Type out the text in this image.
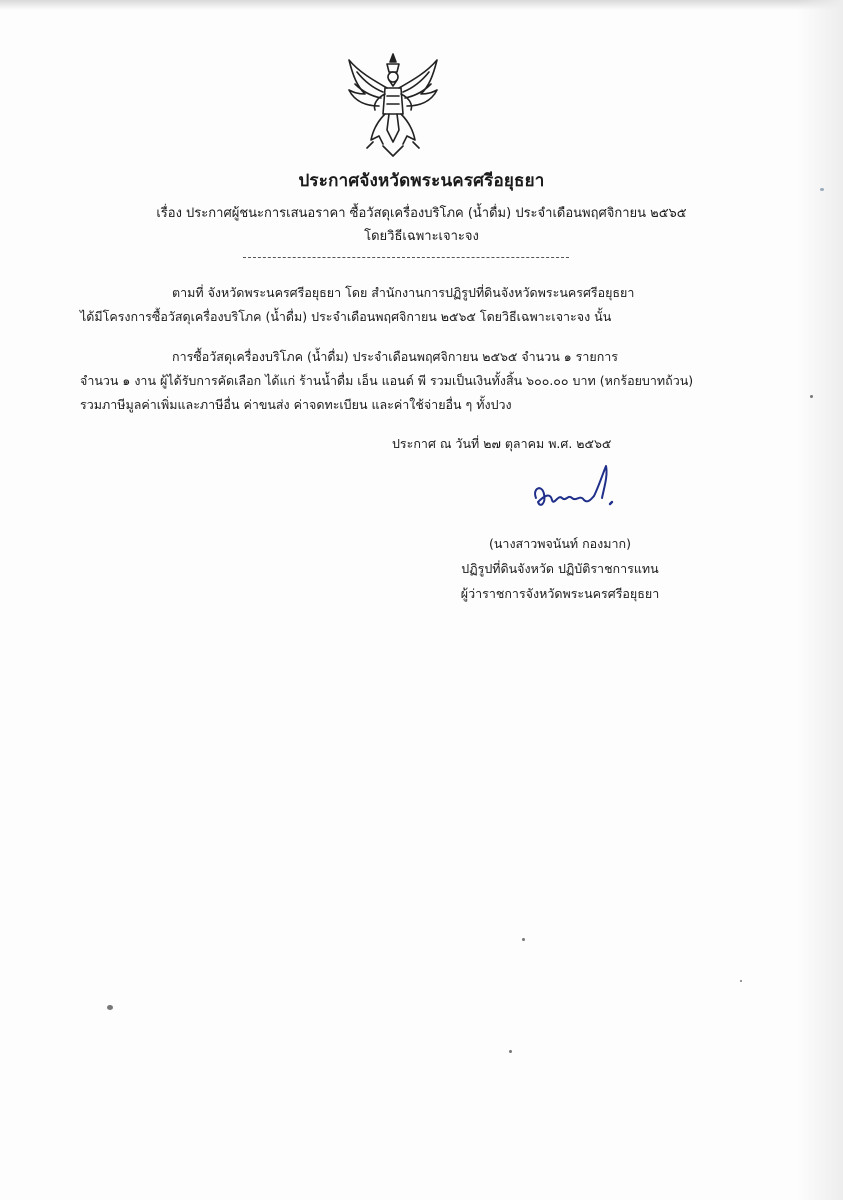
ประกาศจังหวัดพระนครศรีอยุธยา
เรื่อง ประกาศผู้ชนะการเสนอราคา ซื้อวัสดุเครื่องบริโภค (น้ำดื่ม) ประจำเดือนพฤศจิกายน ๒๕๖๕
โดยวิธีเฉพาะเจาะจง
ตามที่ จังหวัดพระนครศรีอยุธยา โดย สำนักงานการปฏิรูปที่ดินจังหวัดพระนครศรีอยุธยา
ได้มีโครงการซื้อวัสดุเครื่องบริโภค (น้ำดื่ม) ประจำเดือนพฤศจิกายน ๒๕๖๕ โดยวิธีเฉพาะเจาะจง นั้น
การซื้อวัสดุเครื่องบริโภค (น้ำดื่ม) ประจำเดือนพฤศจิกายน ๒๕๖๕ จำนวน ๑ รายการ
จำนวน ๑ งาน ผู้ได้รับการคัดเลือก ได้แก่ ร้านน้ำดื่ม เอ็น แอนด์ พี รวมเป็นเงินทั้งสิ้น ๖๐๐.๐๐ บาท (หกร้อยบาทถ้วน)
รวมภาษีมูลค่าเพิ่มและภาษีอื่น ค่าขนส่ง ค่าจดทะเบียน และค่าใช้จ่ายอื่น ๆ ทั้งปวง
ประกาศ ณ วันที่ ๒๗ ตุลาคม พ.ศ. ๒๕๖๕
(นางสาวพจนันท์ กองมาก)
ปฏิรูปที่ดินจังหวัด ปฏิบัติราชการแทน
ผู้ว่าราชการจังหวัดพระนครศรีอยุธยา
